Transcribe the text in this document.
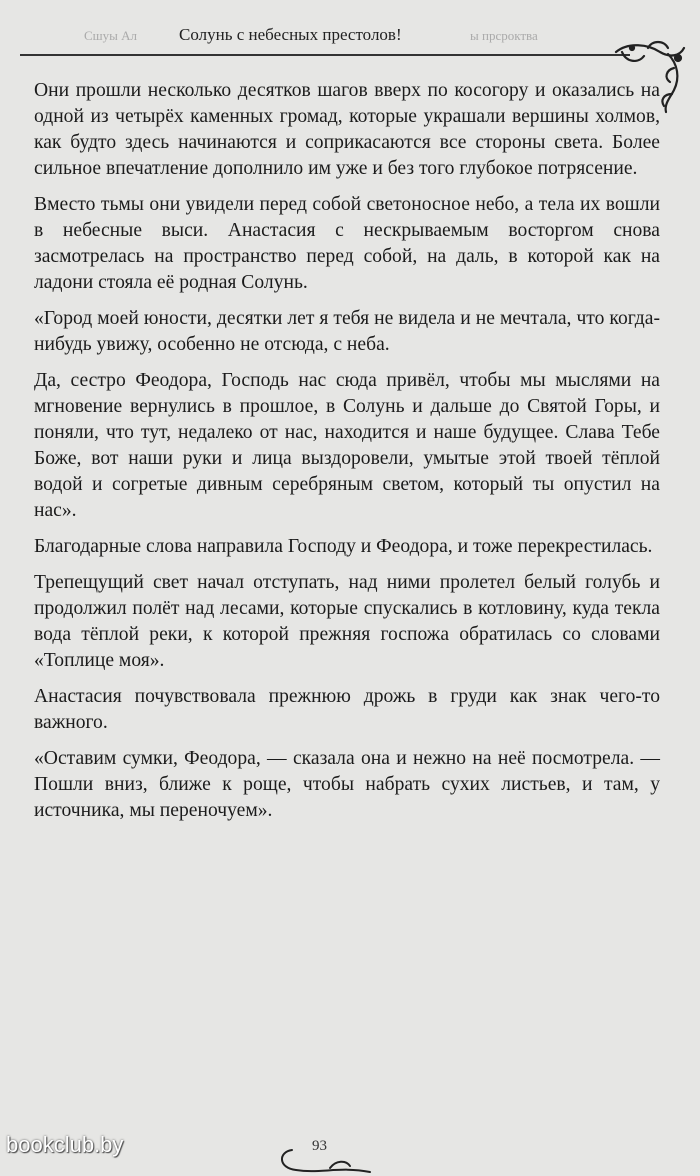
Сшуы Ал	ы прсроктва
Солунь с небесных престолов!

Они прошли несколько десятков шагов вверх по косогору и оказались на одной из четырёх каменных громад, которые украшали вершины холмов, как будто здесь начинаются и соприкасаются все стороны света. Более сильное впечатление дополнило им уже и без того глубокое потрясение.

Вместо тьмы они увидели перед собой светоносное небо, а тела их вошли в небесные выси. Анастасия с нескрываемым восторгом снова засмотрелась на пространство перед собой, на даль, в которой как на ладони стояла её родная Солунь.

«Город моей юности, десятки лет я тебя не видела и не мечтала, что когда-нибудь увижу, особенно не отсюда, с неба.

Да, сестро Феодора, Господь нас сюда привёл, чтобы мы мыслями на мгновение вернулись в прошлое, в Солунь и дальше до Святой Горы, и поняли, что тут, недалеко от нас, находится и наше будущее. Слава Тебе Боже, вот наши руки и лица выздоровели, умытые этой твоей тёплой водой и согретые дивным серебряным светом, который ты опустил на нас».

Благодарные слова направила Господу и Феодора, и тоже перекрестилась.

Трепещущий свет начал отступать, над ними пролетел белый голубь и продолжил полёт над лесами, которые спускались в котловину, куда текла вода тёплой реки, к которой прежняя госпожа обратилась со словами «Топлице моя».

Анастасия почувствовала прежнюю дрожь в груди как знак чего-то важного.

«Оставим сумки, Феодора, — сказала она и нежно на неё посмотрела. — Пошли вниз, ближе к роще, чтобы набрать сухих листьев, и там, у источника, мы переночуем».

bookclub.by	93
